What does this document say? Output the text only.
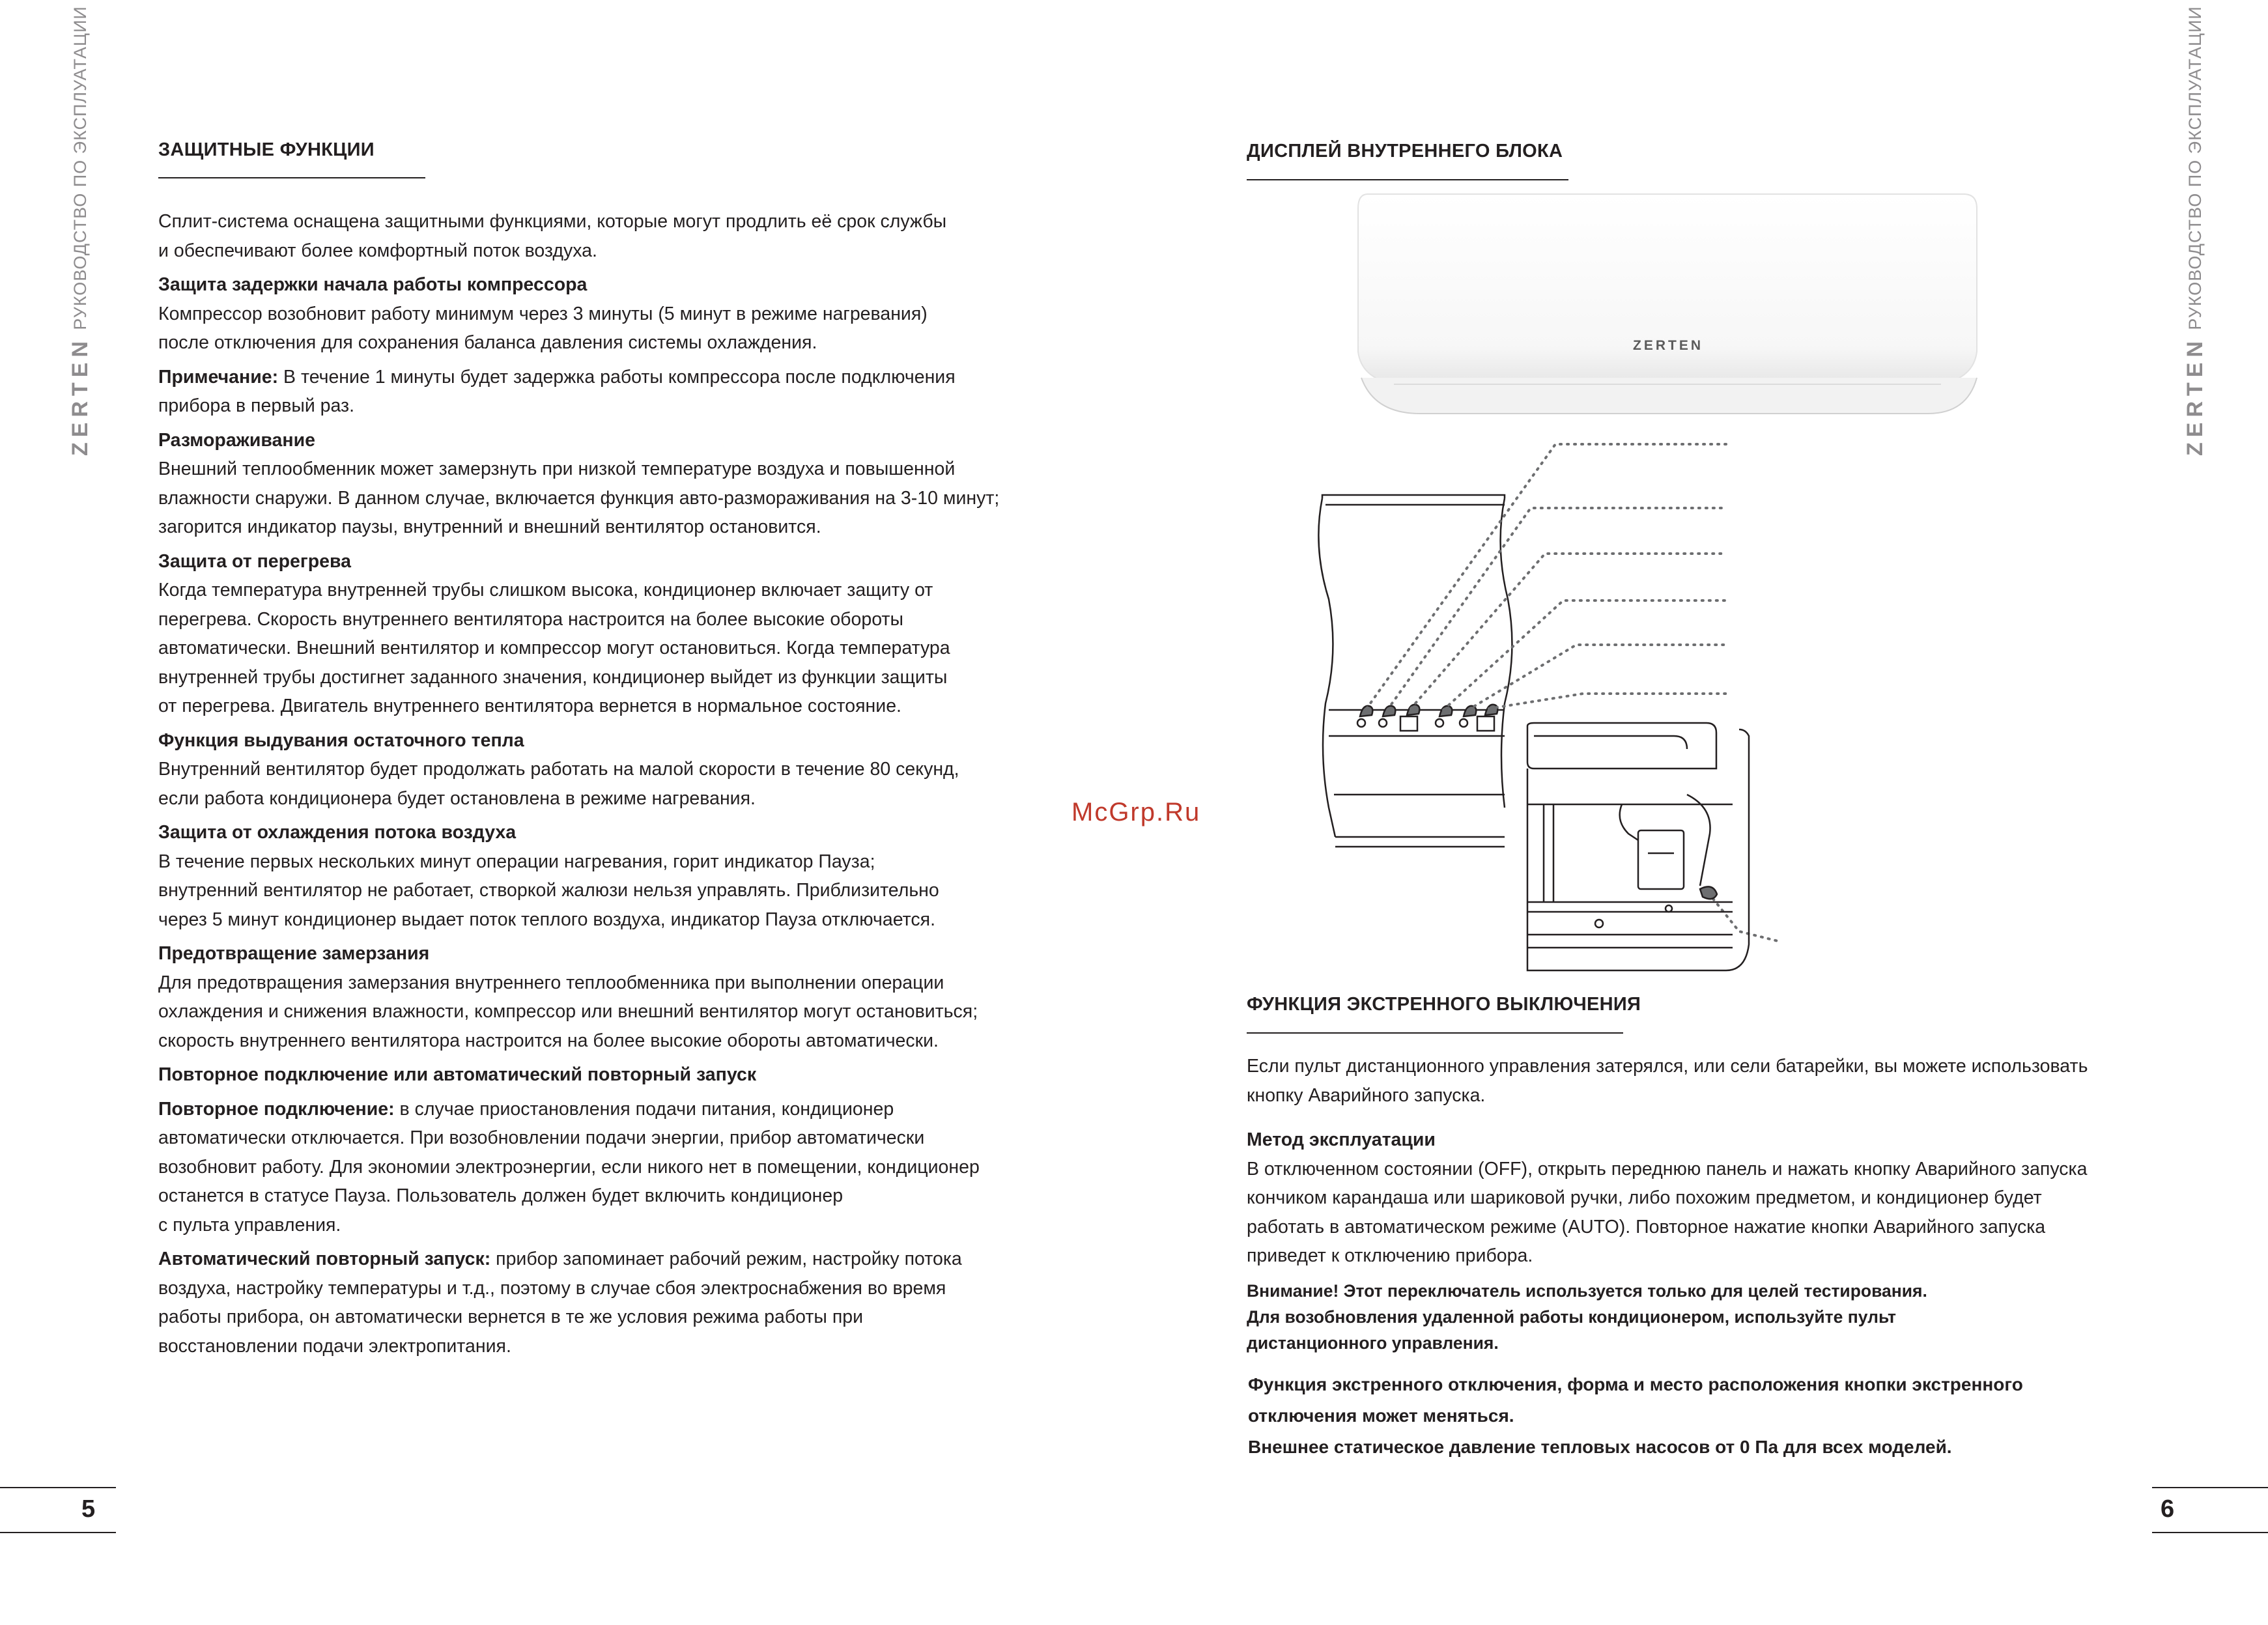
ZERTEN
РУКОВОДСТВО ПО ЭКСПЛУАТАЦИИ
ZERTEN
РУКОВОДСТВО ПО ЭКСПЛУАТАЦИИ
5	6
ЗАЩИТНЫЕ ФУНКЦИИ

Сплит-система оснащена защитными функциями, которые могут продлить её срок службы

и обеспечивают более комфортный поток воздуха.

Защита задержки начала работы компрессора

Компрессор возобновит работу минимум через 3 минуты (5 минут в режиме нагревания)

после отключения для сохранения баланса давления системы охлаждения.

Примечание: В течение 1 минуты будет задержка работы компрессора после подключения

прибора в первый раз.

Размораживание

Внешний теплообменник может замерзнуть при низкой температуре воздуха и повышенной

влажности снаружи. В данном случае, включается функция авто-размораживания на 3-10 минут;

загорится индикатор паузы, внутренний и внешний вентилятор остановится.

Защита от перегрева

Когда температура внутренней трубы слишком высока, кондиционер включает защиту от

перегрева. Скорость внутреннего вентилятора настроится на более высокие обороты

автоматически. Внешний вентилятор и компрессор могут остановиться. Когда температура

внутренней трубы достигнет заданного значения, кондиционер выйдет из функции защиты

от перегрева. Двигатель внутреннего вентилятора вернется в нормальное состояние.

Функция выдувания остаточного тепла

Внутренний вентилятор будет продолжать работать на малой скорости в течение 80 секунд,

если работа кондиционера будет остановлена в режиме нагревания.

Защита от охлаждения потока воздуха

В течение первых нескольких минут операции нагревания, горит индикатор Пауза;

внутренний вентилятор не работает, створкой жалюзи нельзя управлять. Приблизительно

через 5 минут кондиционер выдает поток теплого воздуха, индикатор Пауза отключается.

Предотвращение замерзания

Для предотвращения замерзания внутреннего теплообменника при выполнении операции

охлаждения и снижения влажности, компрессор или внешний вентилятор могут остановиться;

скорость внутреннего вентилятора настроится на более высокие обороты автоматически.

Повторное подключение или автоматический повторный запуск

Повторное подключение: в случае приостановления подачи питания, кондиционер

автоматически отключается. При возобновлении подачи энергии, прибор автоматически

возобновит работу. Для экономии электроэнергии, если никого нет в помещении, кондиционер

останется в статусе Пауза. Пользователь должен будет включить кондиционер

с пульта управления.

Автоматический повторный запуск: прибор запоминает рабочий режим, настройку потока

воздуха, настройку температуры и т.д., поэтому в случае сбоя электроснабжения во время

работы прибора, он автоматически вернется в те же условия режима работы при

восстановлении подачи электропитания.

McGrp.Ru
ДИСПЛЕЙ ВНУТРЕННЕГО БЛОКА
ZERTEN
ФУНКЦИЯ ЭКСТРЕННОГО ВЫКЛЮЧЕНИЯ

Если пульт дистанционного управления затерялся, или сели батарейки, вы можете использовать

кнопку Аварийного запуска.

Метод эксплуатации

В отключенном состоянии (OFF), открыть переднюю панель и нажать кнопку Аварийного запуска

кончиком карандаша или шариковой ручки, либо похожим предметом, и кондиционер будет

работать в автоматическом режиме (AUTO). Повторное нажатие кнопки Аварийного запуска

приведет к отключению прибора.

Внимание! Этот переключатель используется только для целей тестирования.

Для возобновления удаленной работы кондиционером, используйте пульт

дистанционного управления.

Функция экстренного отключения, форма и место расположения кнопки экстренного

отключения может меняться.

Внешнее статическое давление тепловых насосов от 0 Па для всех моделей.
